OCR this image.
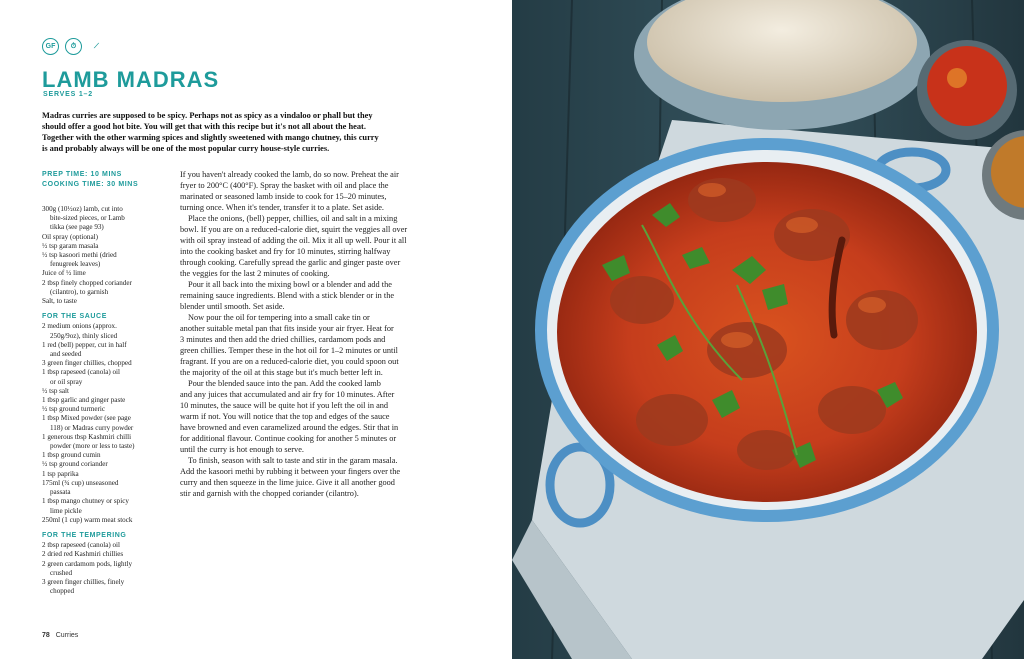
GF	⏱	⟋
LAMB MADRAS
SERVES 1–2
Madras curries are supposed to be spicy. Perhaps not as spicy as a vindaloo or phall but they
should offer a good hot bite. You will get that with this recipe but it's not all about the heat.
Together with the other warming spices and slightly sweetened with mango chutney, this curry
is and probably always will be one of the most popular curry house-style curries.
PREP TIME: 10 MINS
COOKING TIME: 30 MINS
300g (10½oz) lamb, cut into
bite-sized pieces, or Lamb
tikka (see page 93)
Oil spray (optional)
½ tsp garam masala
½ tsp kasoori methi (dried
fenugreek leaves)
Juice of ½ lime
2 tbsp finely chopped coriander
(cilantro), to garnish
Salt, to taste
FOR THE SAUCE
2 medium onions (approx.
250g/9oz), thinly sliced
1 red (bell) pepper, cut in half
and seeded
3 green finger chillies, chopped
1 tbsp rapeseed (canola) oil
or oil spray
½ tsp salt
1 tbsp garlic and ginger paste
½ tsp ground turmeric
1 tbsp Mixed powder (see page
118) or Madras curry powder
1 generous tbsp Kashmiri chilli
powder (more or less to taste)
1 tbsp ground cumin
½ tsp ground coriander
1 tsp paprika
175ml (¾ cup) unseasoned
passata
1 tbsp mango chutney or spicy
lime pickle
250ml (1 cup) warm meat stock
FOR THE TEMPERING
2 tbsp rapeseed (canola) oil
2 dried red Kashmiri chillies
2 green cardamom pods, lightly
crushed
3 green finger chillies, finely
chopped
If you haven't already cooked the lamb, do so now. Preheat the air
fryer to 200°C (400°F). Spray the basket with oil and place the
marinated or seasoned lamb inside to cook for 15–20 minutes,
turning once. When it's tender, transfer it to a plate. Set aside.
Place the onions, (bell) pepper, chillies, oil and salt in a mixing
bowl. If you are on a reduced-calorie diet, squirt the veggies all over
with oil spray instead of adding the oil. Mix it all up well. Pour it all
into the cooking basket and fry for 10 minutes, stirring halfway
through cooking. Carefully spread the garlic and ginger paste over
the veggies for the last 2 minutes of cooking.
Pour it all back into the mixing bowl or a blender and add the
remaining sauce ingredients. Blend with a stick blender or in the
blender until smooth. Set aside.
Now pour the oil for tempering into a small cake tin or
another suitable metal pan that fits inside your air fryer. Heat for
3 minutes and then add the dried chillies, cardamom pods and
green chillies. Temper these in the hot oil for 1–2 minutes or until
fragrant. If you are on a reduced-calorie diet, you could spoon out
the majority of the oil at this stage but it's much better left in.
Pour the blended sauce into the pan. Add the cooked lamb
and any juices that accumulated and air fry for 10 minutes. After
10 minutes, the sauce will be quite hot if you left the oil in and
warm if not. You will notice that the top and edges of the sauce
have browned and even caramelized around the edges. Stir that in
for additional flavour. Continue cooking for another 5 minutes or
until the curry is hot enough to serve.
To finish, season with salt to taste and stir in the garam masala.
Add the kasoori methi by rubbing it between your fingers over the
curry and then squeeze in the lime juice. Give it all another good
stir and garnish with the chopped coriander (cilantro).
78 Curries
